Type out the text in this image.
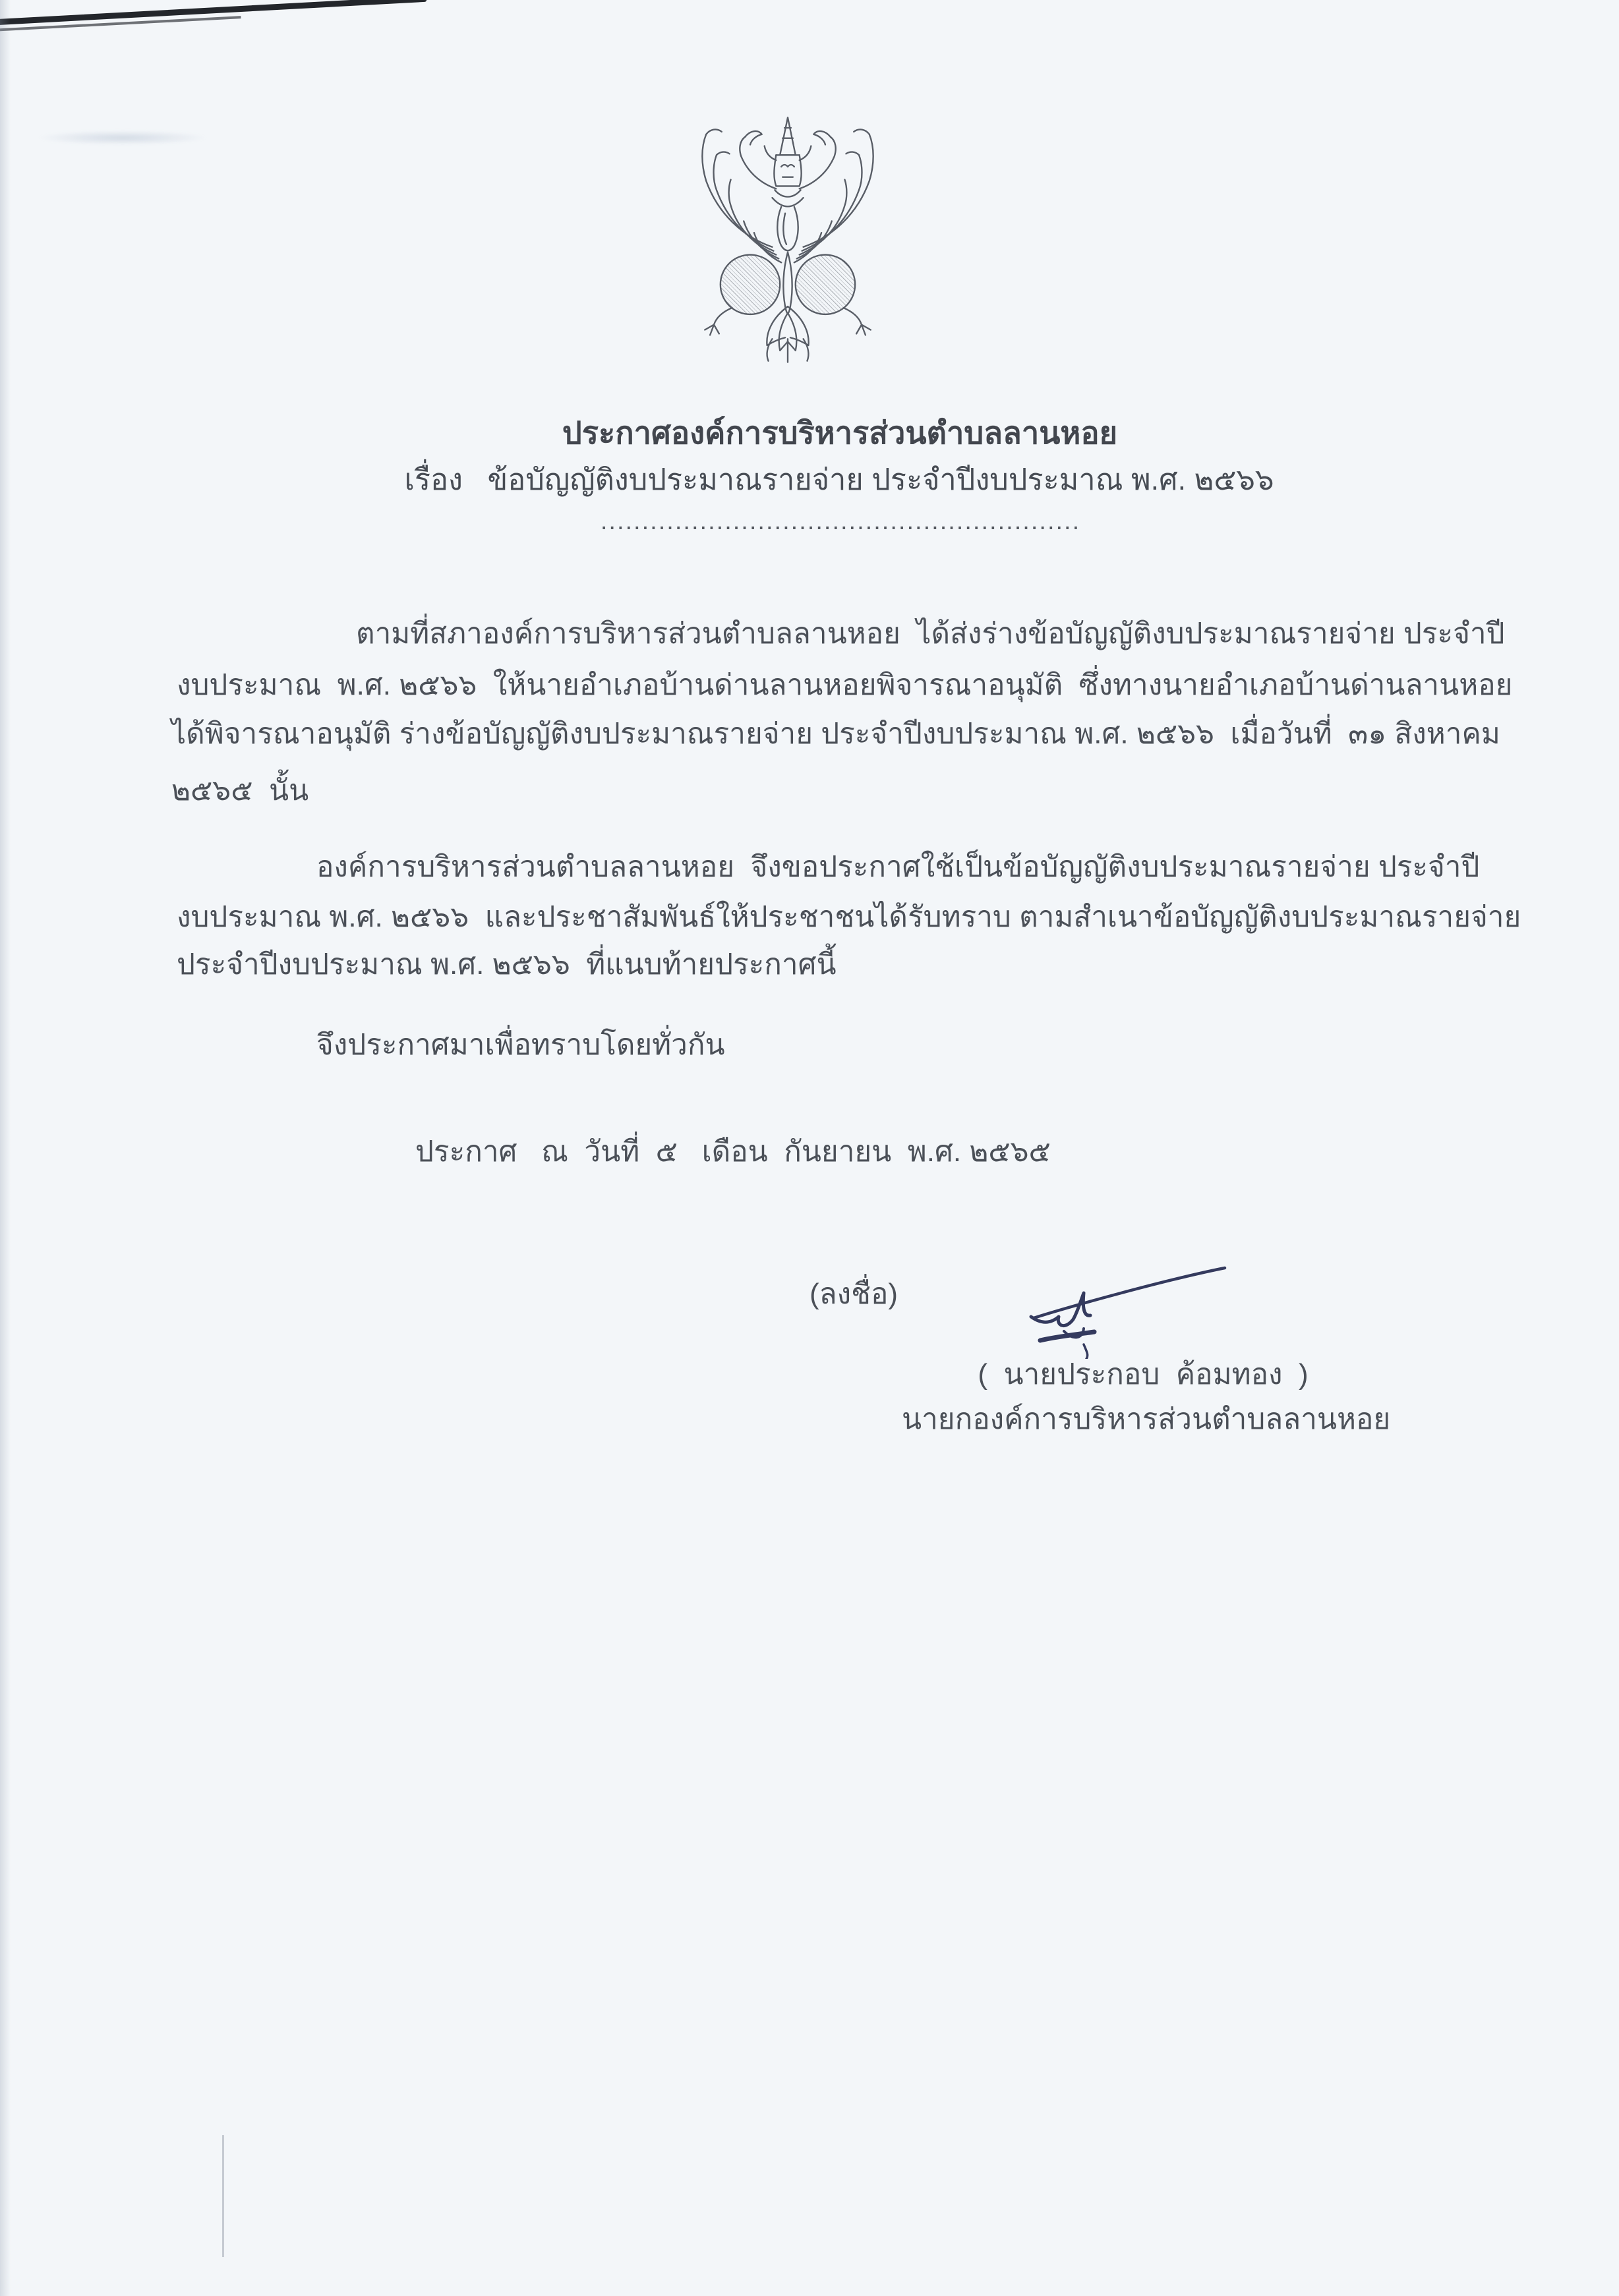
ประกาศองค์การบริหารส่วนตำบลลานหอย
เรื่อง   ข้อบัญญัติงบประมาณรายจ่าย ประจำปีงบประมาณ พ.ศ. ๒๕๖๖
..........................................................
ตามที่สภาองค์การบริหารส่วนตำบลลานหอย  ได้ส่งร่างข้อบัญญัติงบประมาณรายจ่าย ประจำปี
งบประมาณ  พ.ศ. ๒๕๖๖  ให้นายอำเภอบ้านด่านลานหอยพิจารณาอนุมัติ  ซึ่งทางนายอำเภอบ้านด่านลานหอย
ได้พิจารณาอนุมัติ ร่างข้อบัญญัติงบประมาณรายจ่าย ประจำปีงบประมาณ พ.ศ. ๒๕๖๖  เมื่อวันที่  ๓๑ สิงหาคม
๒๕๖๕  นั้น
องค์การบริหารส่วนตำบลลานหอย  จึงขอประกาศใช้เป็นข้อบัญญัติงบประมาณรายจ่าย ประจำปี
งบประมาณ พ.ศ. ๒๕๖๖  และประชาสัมพันธ์ให้ประชาชนได้รับทราบ ตามสำเนาข้อบัญญัติงบประมาณรายจ่าย
ประจำปีงบประมาณ พ.ศ. ๒๕๖๖  ที่แนบท้ายประกาศนี้
จึงประกาศมาเพื่อทราบโดยทั่วกัน
ประกาศ   ณ  วันที่  ๕   เดือน  กันยายน  พ.ศ. ๒๕๖๕
(ลงชื่อ)
(  นายประกอบ  ค้อมทอง  )
นายกองค์การบริหารส่วนตำบลลานหอย
